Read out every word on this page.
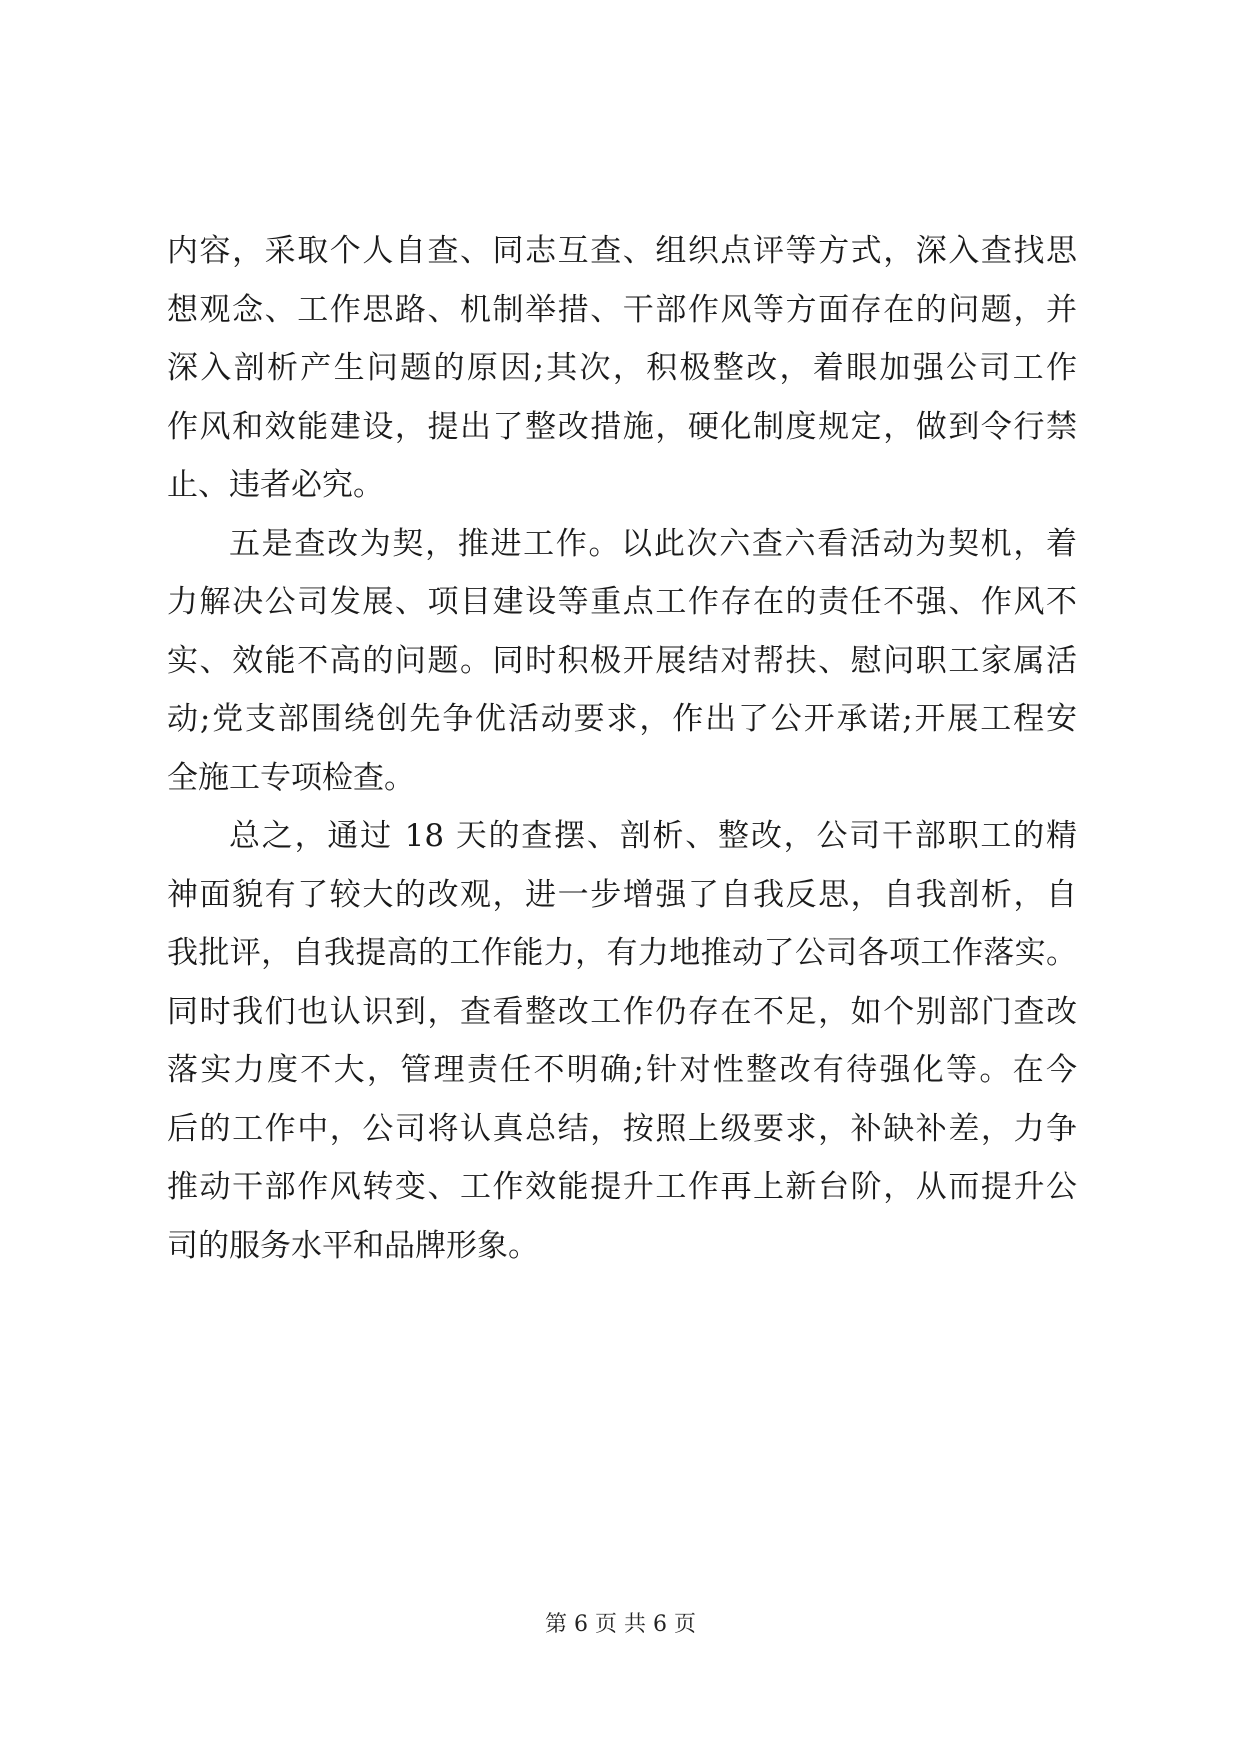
内容，采取个人自查、同志互查、组织点评等方式，深入查找思
想观念、工作思路、机制举措、干部作风等方面存在的问题，并
深入剖析产生问题的原因;其次，积极整改，着眼加强公司工作
作风和效能建设，提出了整改措施，硬化制度规定，做到令行禁
止、违者必究。
五是查改为契，推进工作。以此次六查六看活动为契机，着
力解决公司发展、项目建设等重点工作存在的责任不强、作风不
实、效能不高的问题。同时积极开展结对帮扶、慰问职工家属活
动;党支部围绕创先争优活动要求，作出了公开承诺;开展工程安
全施工专项检查。
总之，通过 18 天的查摆、剖析、整改，公司干部职工的精
神面貌有了较大的改观，进一步增强了自我反思，自我剖析，自
我批评，自我提高的工作能力，有力地推动了公司各项工作落实。
同时我们也认识到，查看整改工作仍存在不足，如个别部门查改
落实力度不大，管理责任不明确;针对性整改有待强化等。在今
后的工作中，公司将认真总结，按照上级要求，补缺补差，力争
推动干部作风转变、工作效能提升工作再上新台阶，从而提升公
司的服务水平和品牌形象。
第 6 页 共 6 页
